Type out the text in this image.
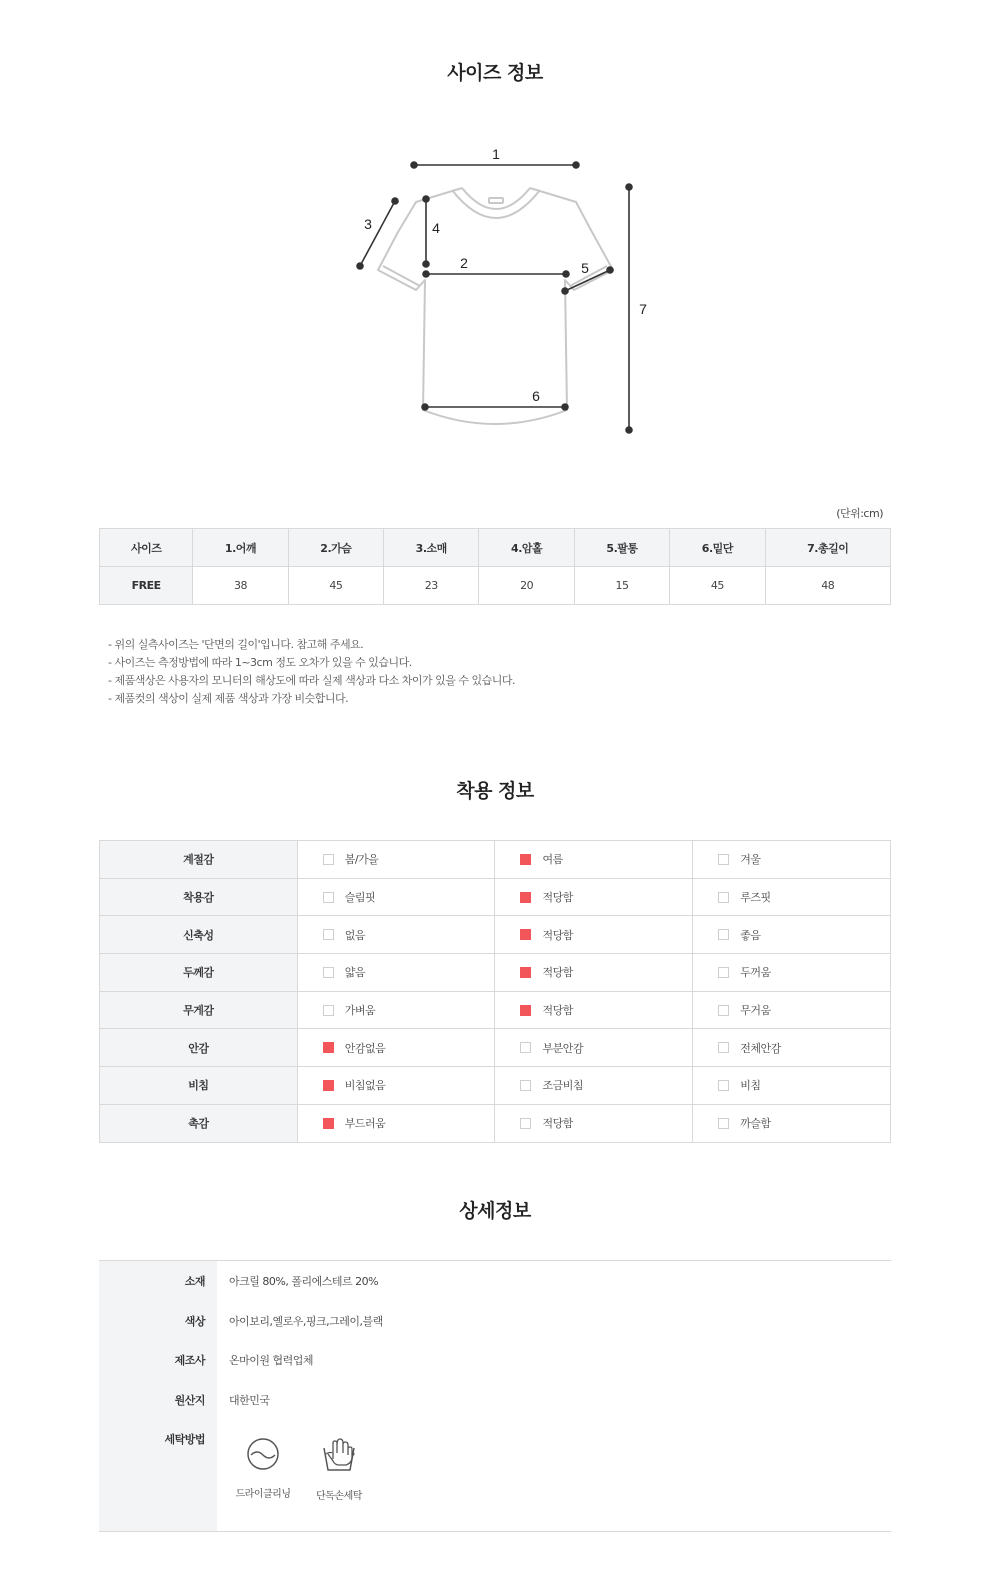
사이즈 정보
1
2
3	4
5
6
7
(단위:cm)
사이즈	1.어깨	2.가슴	3.소매	4.암홀	5.팔통	6.밑단	7.총길이
FREE	38	45	23	20	15	45	48
- 위의 실측사이즈는 '단면의 길이'입니다. 참고해 주세요.
- 사이즈는 측정방법에 따라 1~3cm 정도 오차가 있을 수 있습니다.
- 제품색상은 사용자의 모니터의 해상도에 따라 실제 색상과 다소 차이가 있을 수 있습니다.
- 제품컷의 색상이 실제 제품 색상과 가장 비슷합니다.
착용 정보
계절감	봄/가을	여름	겨울
착용감	슬림핏	적당함	루즈핏
신축성	없음	적당함	좋음
두께감	얇음	적당함	두꺼움
무게감	가벼움	적당함	무거움
안감	안감없음	부분안감	전체안감
비침	비침없음	조금비침	비침
촉감	부드러움	적당함	까슬함
상세정보
소재 아크릴 80%, 폴리에스테르 20%
색상 아이보리,옐로우,핑크,그레이,블랙
제조사 온마이원 협력업체
원산지 대한민국
세탁방법
드라이클리닝	단독손세탁
